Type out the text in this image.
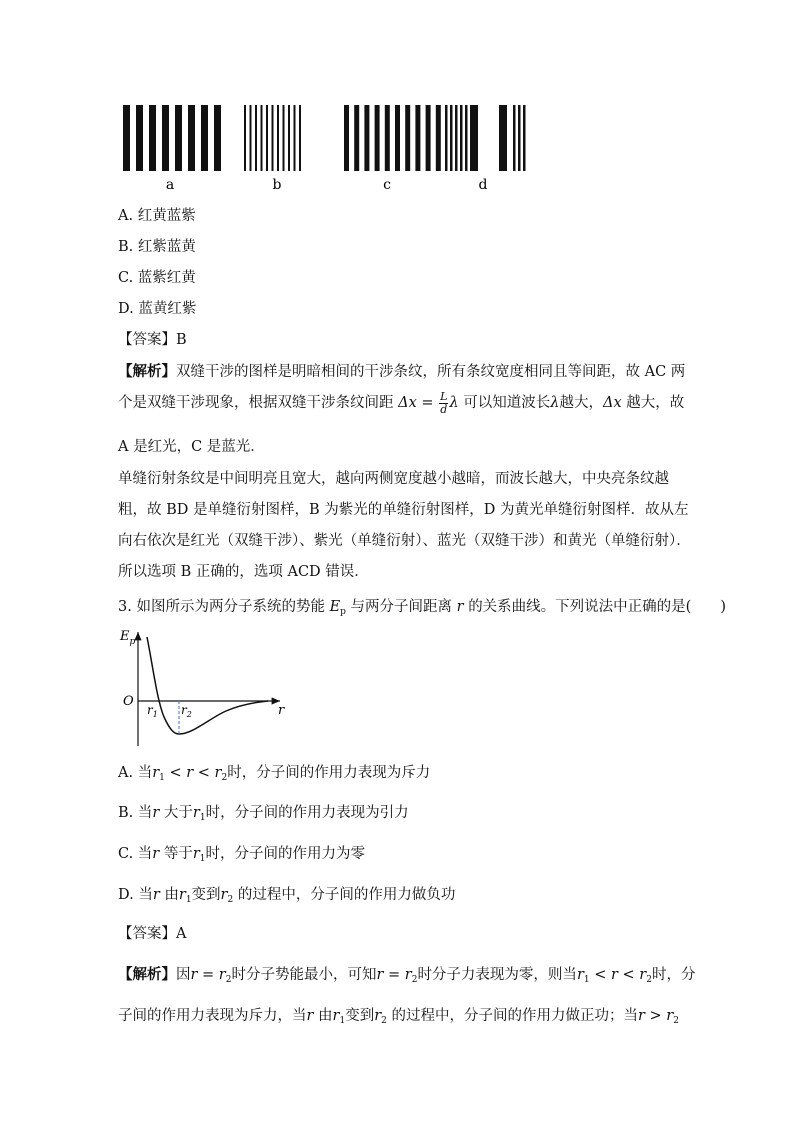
a	b	c	d
A. 红黄蓝紫
B. 红紫蓝黄
C. 蓝紫红黄
D. 蓝黄红紫
【答案】B
【解析】双缝干涉的图样是明暗相间的干涉条纹，所有条纹宽度相同且等间距，故 AC 两
个是双缝干涉现象，根据双缝干涉条纹间距 $\Delta x = \frac{L}{d}$ λ 可以知道波长λ越大，Δx 越大，故
A 是红光，C 是蓝光．
单缝衍射条纹是中间明亮且宽大，越向两侧宽度越小越暗，而波长越大，中央亮条纹越
粗，故 BD 是单缝衍射图样，B 为紫光的单缝衍射图样，D 为黄光单缝衍射图样．故从左
向右依次是红光（双缝干涉）、紫光（单缝衍射）、蓝光（双缝干涉）和黄光（单缝衍射）．
所以选项 B 正确的，选项 ACD 错误．
3. 如图所示为两分子系统的势能 $E_p$ 与两分子间距离 r 的关系曲线。下列说法中正确的是(　　)
$E_p$
O
r
$r_1$ $r_2$
A. 当$r_1 < r < r_2$时，分子间的作用力表现为斥力
B. 当r 大于$r_1$时，分子间的作用力表现为引力
C. 当r 等于$r_1$时，分子间的作用力为零
D. 当r 由$r_1$变到$r_2$ 的过程中，分子间的作用力做负功
【答案】A
【解析】因$r = r_2$时分子势能最小，可知$r = r_2$时分子力表现为零，则当$r_1 < r < r_2$时，分
子间的作用力表现为斥力，当r 由$r_1$变到$r_2$ 的过程中，分子间的作用力做正功；当$r > r_2$
